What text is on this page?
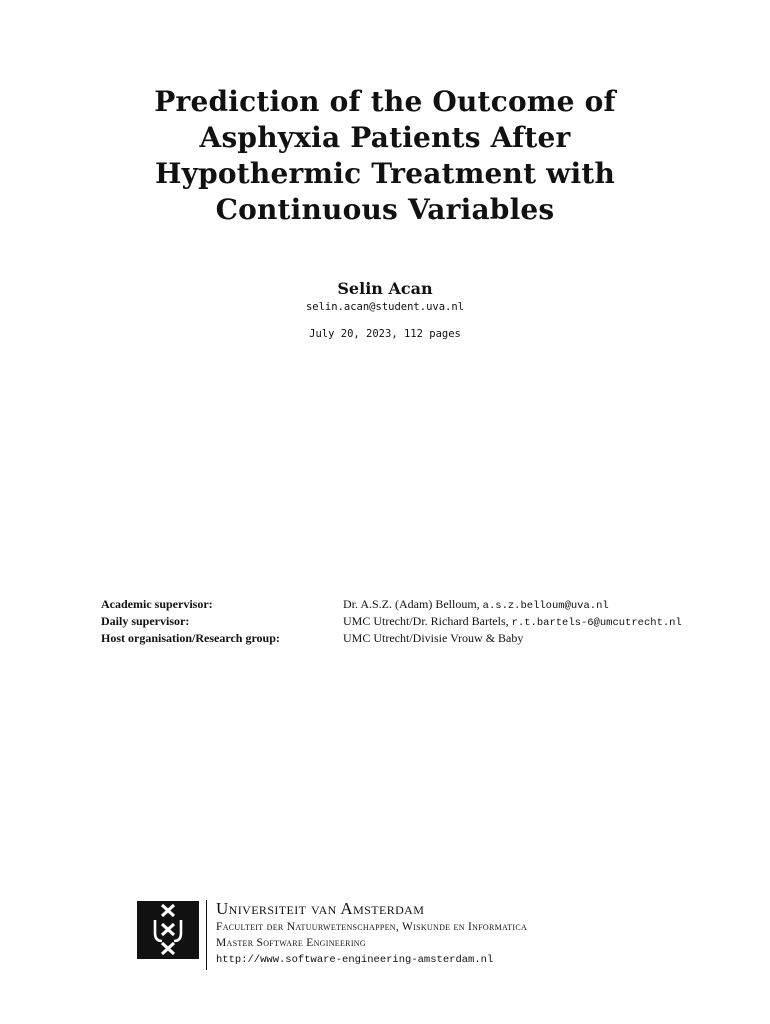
Prediction of the Outcome of
Asphyxia Patients After
Hypothermic Treatment with
Continuous Variables
Selin Acan
selin.acan@student.uva.nl
July 20, 2023, 112 pages
Academic supervisor:	Dr. A.S.Z. (Adam) Belloum, a.s.z.belloum@uva.nl
Daily supervisor:	UMC Utrecht/Dr. Richard Bartels, r.t.bartels-6@umcutrecht.nl
Host organisation/Research group:	UMC Utrecht/Divisie Vrouw & Baby
Universiteit van Amsterdam
Faculteit der Natuurwetenschappen, Wiskunde en Informatica
Master Software Engineering
http://www.software-engineering-amsterdam.nl
